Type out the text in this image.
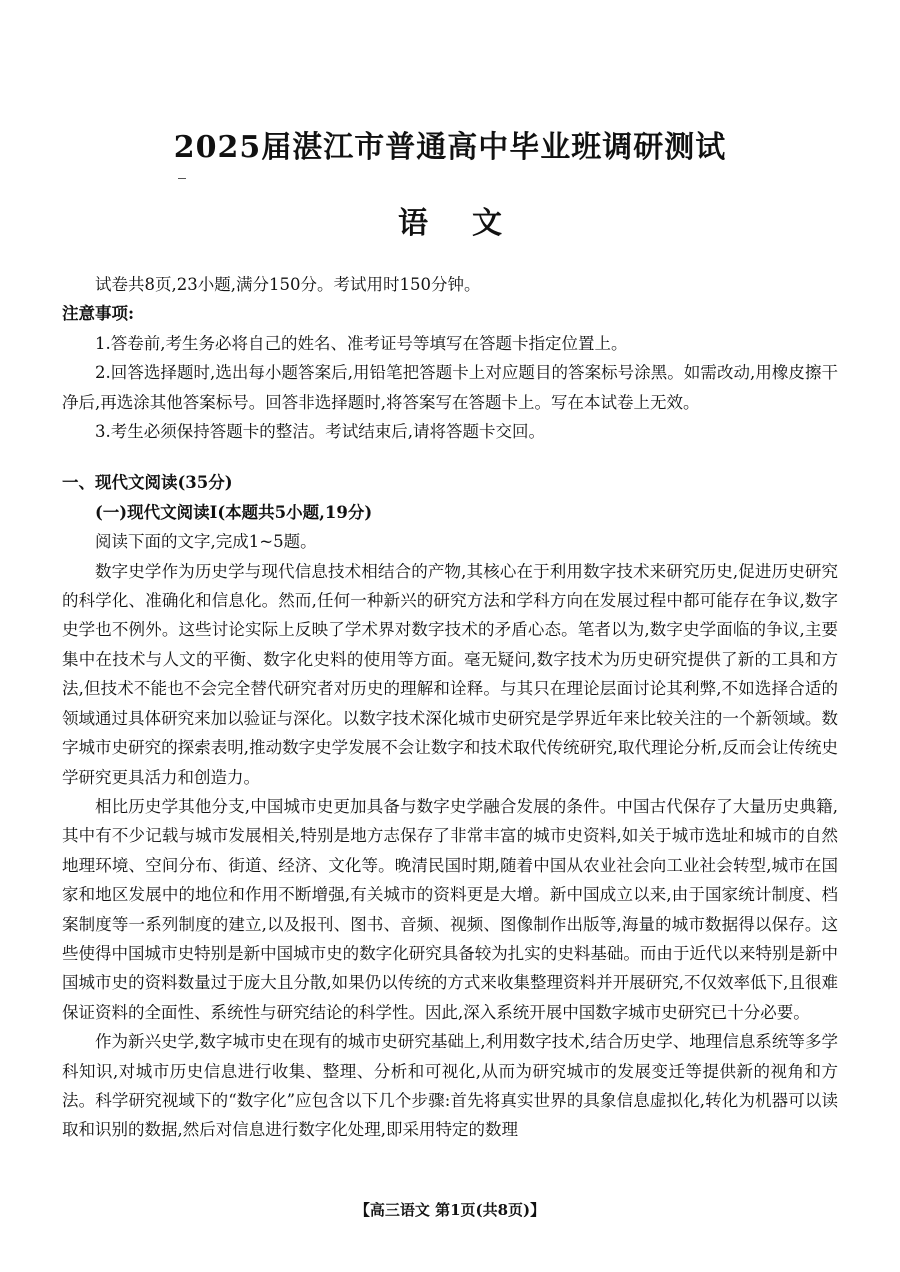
2025届湛江市普通高中毕业班调研测试
语文

试卷共8页,23小题,满分150分。考试用时150分钟。

注意事项:

1.答卷前,考生务必将自己的姓名、准考证号等填写在答题卡指定位置上。

2.回答选择题时,选出每小题答案后,用铅笔把答题卡上对应题目的答案标号涂黑。如需改动,用橡皮擦干净后,再选涂其他答案标号。回答非选择题时,将答案写在答题卡上。写在本试卷上无效。

3.考生必须保持答题卡的整洁。考试结束后,请将答题卡交回。

一、现代文阅读(35分)

(一)现代文阅读Ⅰ(本题共5小题,19分)

阅读下面的文字,完成1~5题。

数字史学作为历史学与现代信息技术相结合的产物,其核心在于利用数字技术来研究历史,促进历史研究的科学化、准确化和信息化。然而,任何一种新兴的研究方法和学科方向在发展过程中都可能存在争议,数字史学也不例外。这些讨论实际上反映了学术界对数字技术的矛盾心态。笔者以为,数字史学面临的争议,主要集中在技术与人文的平衡、数字化史料的使用等方面。毫无疑问,数字技术为历史研究提供了新的工具和方法,但技术不能也不会完全替代研究者对历史的理解和诠释。与其只在理论层面讨论其利弊,不如选择合适的领域通过具体研究来加以验证与深化。以数字技术深化城市史研究是学界近年来比较关注的一个新领域。数字城市史研究的探索表明,推动数字史学发展不会让数字和技术取代传统研究,取代理论分析,反而会让传统史学研究更具活力和创造力。

相比历史学其他分支,中国城市史更加具备与数字史学融合发展的条件。中国古代保存了大量历史典籍,其中有不少记载与城市发展相关,特别是地方志保存了非常丰富的城市史资料,如关于城市选址和城市的自然地理环境、空间分布、街道、经济、文化等。晚清民国时期,随着中国从农业社会向工业社会转型,城市在国家和地区发展中的地位和作用不断增强,有关城市的资料更是大增。新中国成立以来,由于国家统计制度、档案制度等一系列制度的建立,以及报刊、图书、音频、视频、图像制作出版等,海量的城市数据得以保存。这些使得中国城市史特别是新中国城市史的数字化研究具备较为扎实的史料基础。而由于近代以来特别是新中国城市史的资料数量过于庞大且分散,如果仍以传统的方式来收集整理资料并开展研究,不仅效率低下,且很难保证资料的全面性、系统性与研究结论的科学性。因此,深入系统开展中国数字城市史研究已十分必要。

作为新兴史学,数字城市史在现有的城市史研究基础上,利用数字技术,结合历史学、地理信息系统等多学科知识,对城市历史信息进行收集、整理、分析和可视化,从而为研究城市的发展变迁等提供新的视角和方法。科学研究视域下的“数字化”应包含以下几个步骤:首先将真实世界的具象信息虚拟化,转化为机器可以读取和识别的数据,然后对信息进行数字化处理,即采用特定的数理

【高三语文 第1页(共8页)】
